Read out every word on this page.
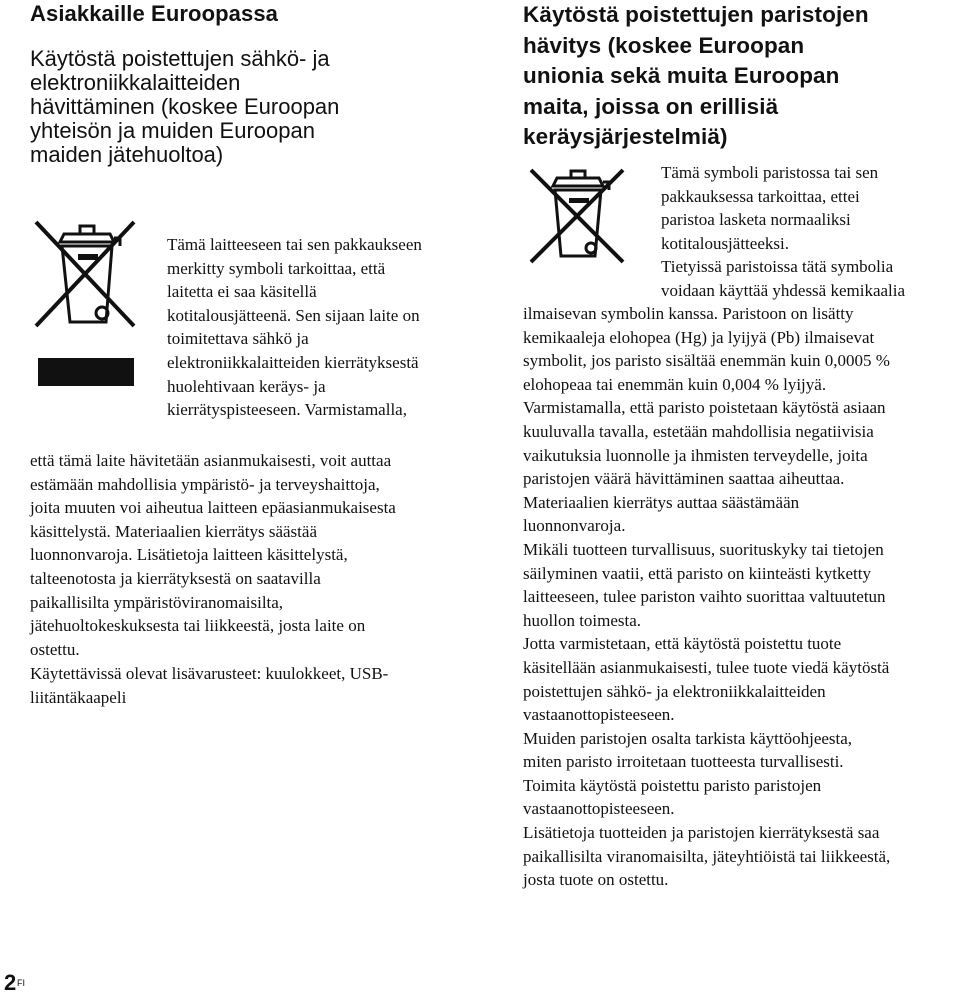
Asiakkaille Euroopassa
Käytöstä poistettujen sähkö- ja
elektroniikkalaitteiden
hävittäminen (koskee Euroopan
yhteisön ja muiden Euroopan
maiden jätehuoltoa)
Tämä laitteeseen tai sen pakkaukseen
merkitty symboli tarkoittaa, että
laitetta ei saa käsitellä
kotitalousjätteenä. Sen sijaan laite on
toimitettava sähkö ja
elektroniikkalaitteiden kierrätyksestä
huolehtivaan keräys- ja
kierrätyspisteeseen. Varmistamalla,
että tämä laite hävitetään asianmukaisesti, voit auttaa
estämään mahdollisia ympäristö- ja terveyshaittoja,
joita muuten voi aiheutua laitteen epäasianmukaisesta
käsittelystä. Materiaalien kierrätys säästää
luonnonvaroja. Lisätietoja laitteen käsittelystä,
talteenotosta ja kierrätyksestä on saatavilla
paikallisilta ympäristöviranomaisilta,
jätehuoltokeskuksesta tai liikkeestä, josta laite on
ostettu.
Käytettävissä olevat lisävarusteet: kuulokkeet, USB-
liitäntäkaapeli
Käytöstä poistettujen paristojen
hävitys (koskee Euroopan
unionia sekä muita Euroopan
maita, joissa on erillisiä
keräysjärjestelmiä)
Tämä symboli paristossa tai sen
pakkauksessa tarkoittaa, ettei
paristoa lasketa normaaliksi
kotitalousjätteeksi.
Tietyissä paristoissa tätä symbolia
voidaan käyttää yhdessä kemikaalia
ilmaisevan symbolin kanssa. Paristoon on lisätty
kemikaaleja elohopea (Hg) ja lyijyä (Pb) ilmaisevat
symbolit, jos paristo sisältää enemmän kuin 0,0005 %
elohopeaa tai enemmän kuin 0,004 % lyijyä.
Varmistamalla, että paristo poistetaan käytöstä asiaan
kuuluvalla tavalla, estetään mahdollisia negatiivisia
vaikutuksia luonnolle ja ihmisten terveydelle, joita
paristojen väärä hävittäminen saattaa aiheuttaa.
Materiaalien kierrätys auttaa säästämään
luonnonvaroja.
Mikäli tuotteen turvallisuus, suorituskyky tai tietojen
säilyminen vaatii, että paristo on kiinteästi kytketty
laitteeseen, tulee pariston vaihto suorittaa valtuutetun
huollon toimesta.
Jotta varmistetaan, että käytöstä poistettu tuote
käsitellään asianmukaisesti, tulee tuote viedä käytöstä
poistettujen sähkö- ja elektroniikkalaitteiden
vastaanottopisteeseen.
Muiden paristojen osalta tarkista käyttöohjeesta,
miten paristo irroitetaan tuotteesta turvallisesti.
Toimita käytöstä poistettu paristo paristojen
vastaanottopisteeseen.
Lisätietoja tuotteiden ja paristojen kierrätyksestä saa
paikallisilta viranomaisilta, jäteyhtiöistä tai liikkeestä,
josta tuote on ostettu.
2 FI
